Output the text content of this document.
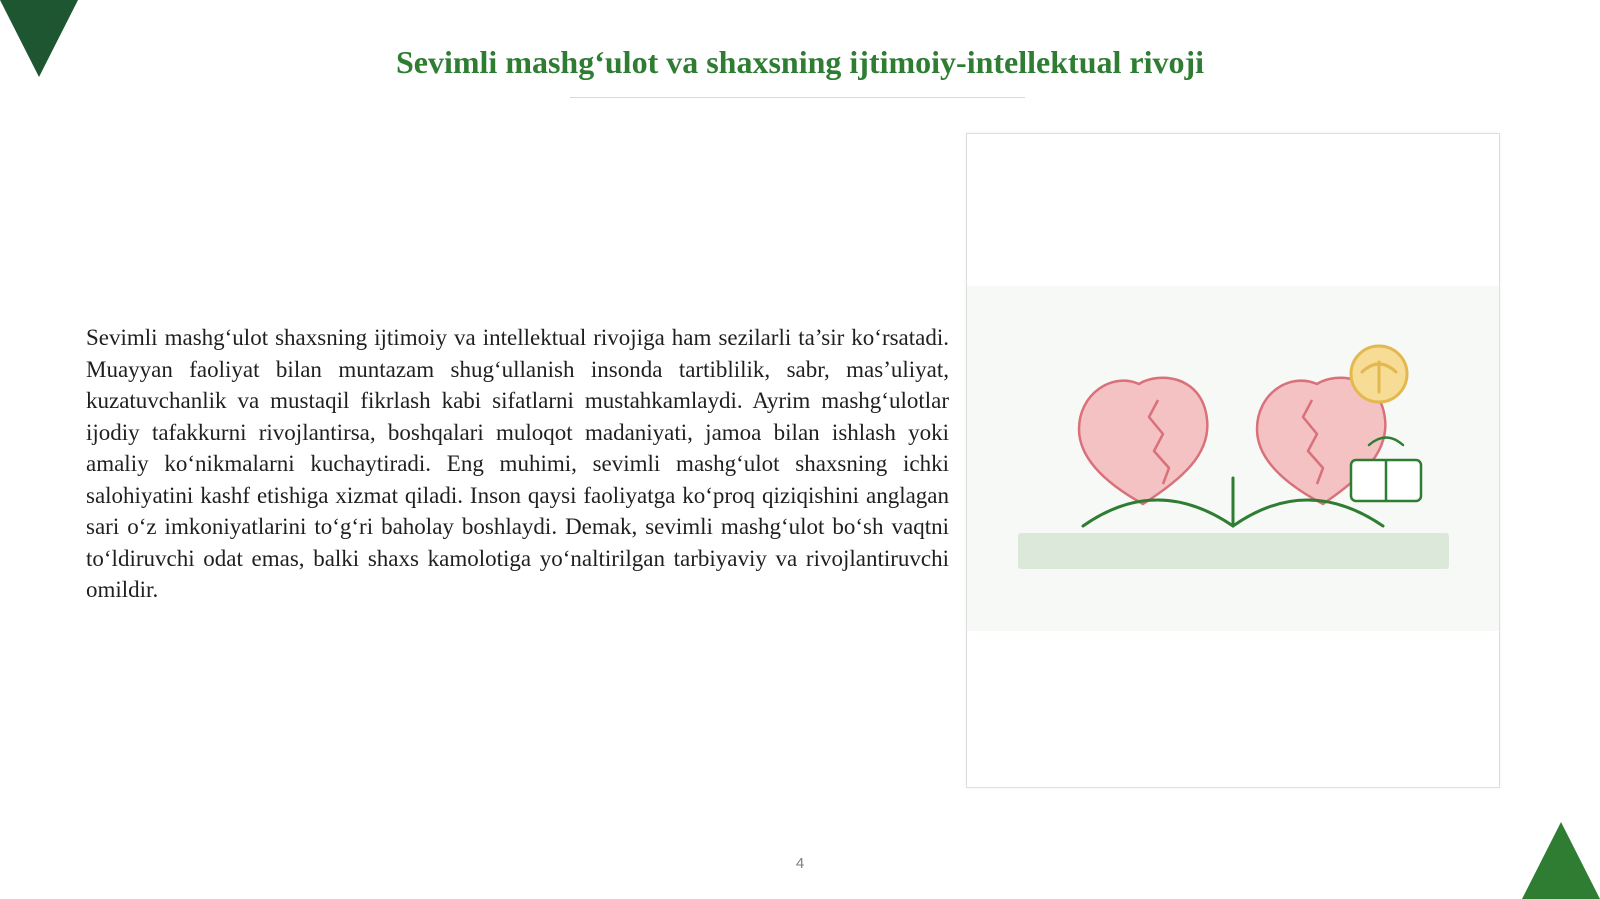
Sevimli mashg‘ulot va shaxsning ijtimoiy-intellektual rivoji

Sevimli mashg‘ulot shaxsning ijtimoiy va intellektual rivojiga ham sezilarli ta’sir ko‘rsatadi. Muayyan faoliyat bilan muntazam shug‘ullanish insonda tartiblilik, sabr, mas’uliyat, kuzatuvchanlik va mustaqil fikrlash kabi sifatlarni mustahkamlaydi. Ayrim mashg‘ulotlar ijodiy tafakkurni rivojlantirsa, boshqalari muloqot madaniyati, jamoa bilan ishlash yoki amaliy ko‘nikmalarni kuchaytiradi. Eng muhimi, sevimli mashg‘ulot shaxsning ichki salohiyatini kashf etishiga xizmat qiladi. Inson qaysi faoliyatga ko‘proq qiziqishini anglagan sari o‘z imkoniyatlarini to‘g‘ri baholay boshlaydi. Demak, sevimli mashg‘ulot bo‘sh vaqtni to‘ldiruvchi odat emas, balki shaxs kamolotiga yo‘naltirilgan tarbiyaviy va rivojlantiruvchi omildir.

4
